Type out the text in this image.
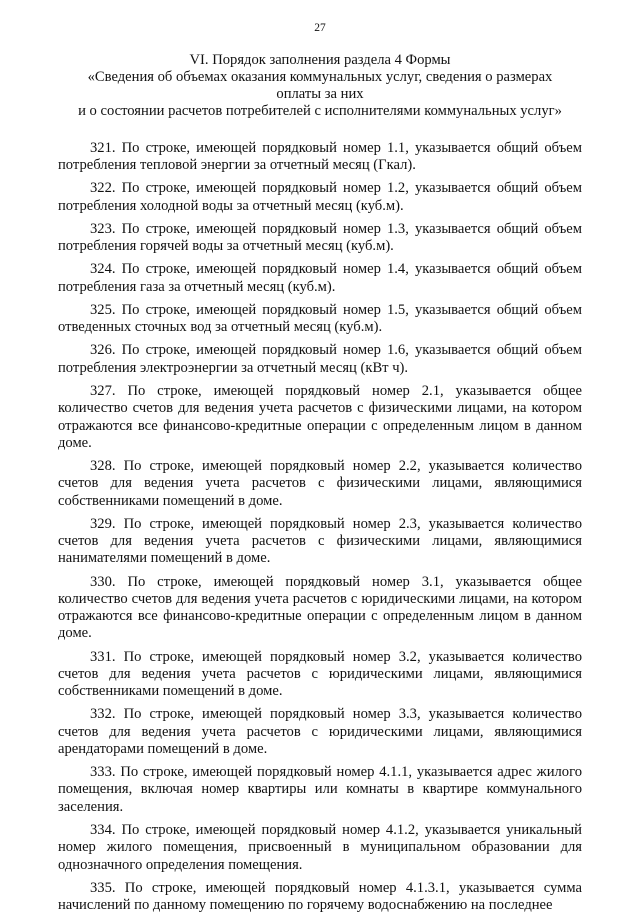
27
VI. Порядок заполнения раздела 4 Формы
«Сведения об объемах оказания коммунальных услуг, сведения о размерах
оплаты за них
и о состоянии расчетов потребителей с исполнителями коммунальных услуг»

321. По строке, имеющей порядковый номер 1.1, указывается общий объем потребления тепловой энергии за отчетный месяц (Гкал).

322. По строке, имеющей порядковый номер 1.2, указывается общий объем потребления холодной воды за отчетный месяц (куб.м).

323. По строке, имеющей порядковый номер 1.3, указывается общий объем потребления горячей воды за отчетный месяц (куб.м).

324. По строке, имеющей порядковый номер 1.4, указывается общий объем потребления газа за отчетный месяц (куб.м).

325. По строке, имеющей порядковый номер 1.5, указывается общий объем отведенных сточных вод за отчетный месяц (куб.м).

326. По строке, имеющей порядковый номер 1.6, указывается общий объем потребления электроэнергии за отчетный месяц (кВт ч).

327. По строке, имеющей порядковый номер 2.1, указывается общее количество счетов для ведения учета расчетов с физическими лицами, на котором отражаются все финансово-кредитные операции с определенным лицом в данном доме.

328. По строке, имеющей порядковый номер 2.2, указывается количество счетов для ведения учета расчетов с физическими лицами, являющимися собственниками помещений в доме.

329. По строке, имеющей порядковый номер 2.3, указывается количество счетов для ведения учета расчетов с физическими лицами, являющимися нанимателями помещений в доме.

330. По строке, имеющей порядковый номер 3.1, указывается общее количество счетов для ведения учета расчетов с юридическими лицами, на котором отражаются все финансово-кредитные операции с определенным лицом в данном доме.

331. По строке, имеющей порядковый номер 3.2, указывается количество счетов для ведения учета расчетов с юридическими лицами, являющимися собственниками помещений в доме.

332. По строке, имеющей порядковый номер 3.3, указывается количество счетов для ведения учета расчетов с юридическими лицами, являющимися арендаторами помещений в доме.

333. По строке, имеющей порядковый номер 4.1.1, указывается адрес жилого помещения, включая номер квартиры или комнаты в квартире коммунального заселения.

334. По строке, имеющей порядковый номер 4.1.2, указывается уникальный номер жилого помещения, присвоенный в муниципальном образовании для однозначного определения помещения.

335. По строке, имеющей порядковый номер 4.1.3.1, указывается сумма начислений по данному помещению по горячему водоснабжению на последнее
